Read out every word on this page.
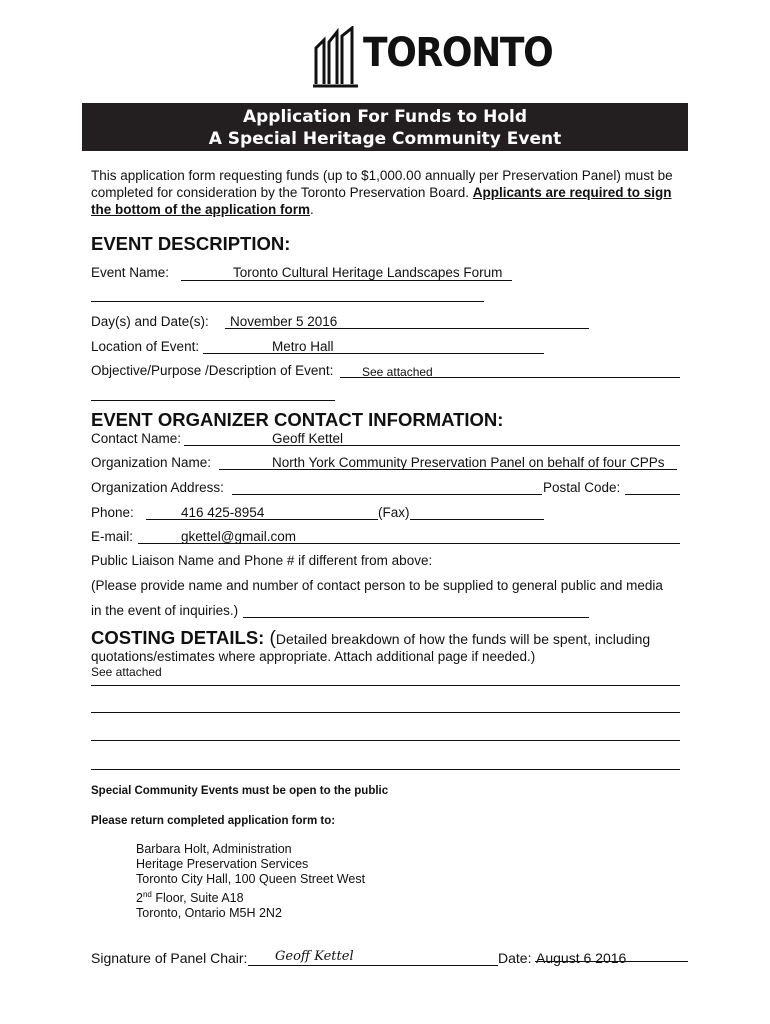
TORONTO
Application For Funds to Hold
A Special Heritage Community Event
This application form requesting funds (up to $1,000.00 annually per Preservation Panel) must be completed for consideration by the Toronto Preservation Board. Applicants are required to sign the bottom of the application form.
EVENT DESCRIPTION:
Event Name:	Toronto Cultural Heritage Landscapes Forum
Day(s) and Date(s): November 5 2016
Location of Event:	Metro Hall
Objective/Purpose /Description of Event: See attached
EVENT ORGANIZER CONTACT INFORMATION:
Contact Name:	Geoff Kettel
Organization Name:	North York Community Preservation Panel on behalf of four CPPs
Organization Address:	Postal Code:
Phone:	416 425-8954	(Fax)
E-mail:	gkettel@gmail.com
Public Liaison Name and Phone # if different from above:
(Please provide name and number of contact person to be supplied to general public and media
in the event of inquiries.)
COSTING DETAILS: (Detailed breakdown of how the funds will be spent, including
quotations/estimates where appropriate. Attach additional page if needed.)
See attached
Special Community Events must be open to the public
Please return completed application form to:
Barbara Holt, Administration
Heritage Preservation Services
Toronto City Hall, 100 Queen Street West
2nd Floor, Suite A18
Toronto, Ontario M5H 2N2
Signature of Panel Chair: Geoff Kettel	Date: August 6 2016
